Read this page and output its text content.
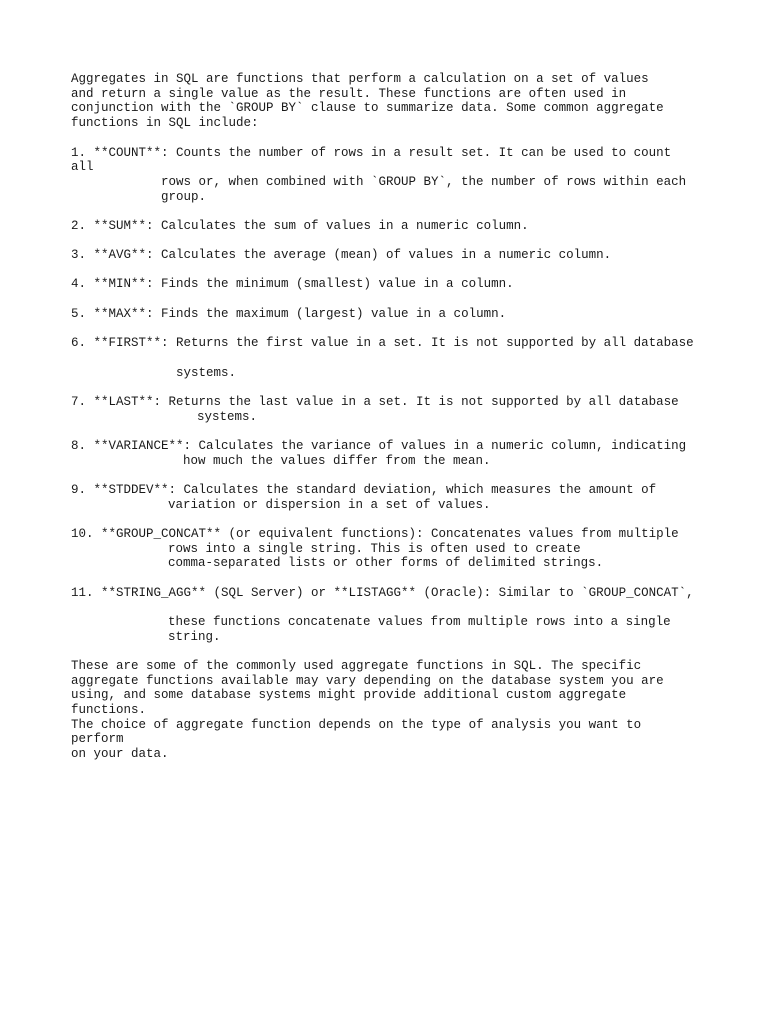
Aggregates in SQL are functions that perform a calculation on a set of values
and return a single value as the result. These functions are often used in
conjunction with the `GROUP BY` clause to summarize data. Some common aggregate
functions in SQL include:
1. **COUNT**: Counts the number of rows in a result set. It can be used to count
all
rows or, when combined with `GROUP BY`, the number of rows within each
group.
2. **SUM**: Calculates the sum of values in a numeric column.
3. **AVG**: Calculates the average (mean) of values in a numeric column.
4. **MIN**: Finds the minimum (smallest) value in a column.
5. **MAX**: Finds the maximum (largest) value in a column.
6. **FIRST**: Returns the first value in a set. It is not supported by all database
systems.
7. **LAST**: Returns the last value in a set. It is not supported by all database
systems.
8. **VARIANCE**: Calculates the variance of values in a numeric column, indicating
how much the values differ from the mean.
9. **STDDEV**: Calculates the standard deviation, which measures the amount of
variation or dispersion in a set of values.
10. **GROUP_CONCAT** (or equivalent functions): Concatenates values from multiple
rows into a single string. This is often used to create
comma-separated lists or other forms of delimited strings.
11. **STRING_AGG** (SQL Server) or **LISTAGG** (Oracle): Similar to `GROUP_CONCAT`,
these functions concatenate values from multiple rows into a single
string.
These are some of the commonly used aggregate functions in SQL. The specific
aggregate functions available may vary depending on the database system you are
using, and some database systems might provide additional custom aggregate
functions.
The choice of aggregate function depends on the type of analysis you want to
perform
on your data.
